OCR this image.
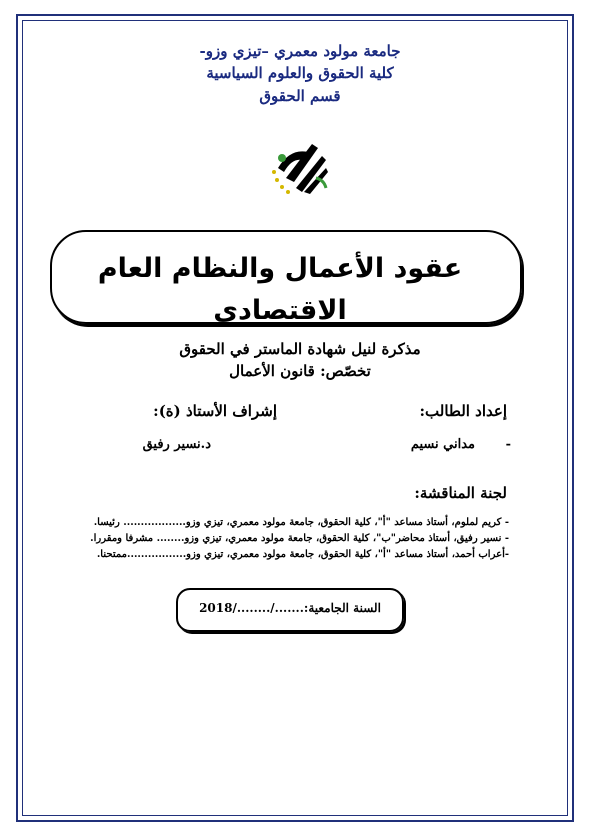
جامعة مولود معمري –تيزي وزو-
كلية الحقوق والعلوم السياسية
قسم الحقوق
عقود الأعمال والنظام العام
الاقتصادي
مذكرة لنيل شهادة الماستر في الحقوق
تخصّص: قانون الأعمال
إعداد الطالب:
إشراف الأستاذ (ة):
-
مداني نسيم
د.نسير رفيق
لجنة المناقشة:
- كريم لملوم، أستاذ مساعد "أ"، كلية الحقوق، جامعة مولود معمري، تيزي وزو.................. رئيسا.
- نسير رفيق، أستاذ محاضر"ب"، كلية الحقوق، جامعة مولود معمري، تيزي وزو........ مشرفا ومقررا.
-أعراب أحمد، أستاذ مساعد "أ"، كلية الحقوق، جامعة مولود معمري، تيزي وزو.................ممتحنا.
السنة الجامعية:......./......../2018
